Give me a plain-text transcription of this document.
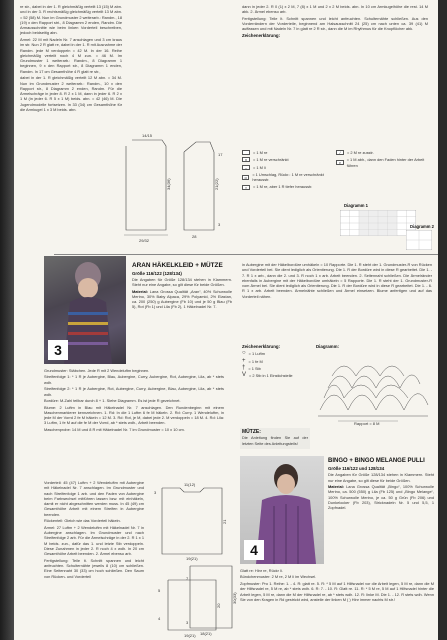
re str., dabei in der 1. R gleichmäßig verteilt 13 (15) M abn. und in der 3. R rechtsmäßig gleichmäßig verteilt 13 M abn. = 52 (58) M. Nun im Grundmuster 2 weiterarb.: Randm., 18 (19) x den Rapport stri., 8 Diagramm 2 enden, Randm. Die Armausschnitte wie beim linken Vorderteil beschreiben, jedoch beidseitig abn.

Ärmel: 22 M mit Nadeln Nr. 7 anschlagen und 3 cm kraus im str. Nun 2 R glatt re, dabei in der 1. R mit Ausnahme der Randm. jede M verdoppeln = 42 M. In der 16. Reihe gleichmäßig verteilt noch 4 M zun. = 46 M. Im Grundmuster 1 weiterarb.: Randm., 8 Diagramm 1 beginnen, 9 x den Rapport str., 8 Diagramm 1 enden, Randm. In 17 cm Gesamthöhe 4 R glatt re str.,

dabei in der 1. R gleichmäßig verteilt 12 M abn. = 34 M. Nun im Grundmuster 2 weiterarb.: Randm., 10 x den Rapport str., 8 Diagramm 2 enden, Randm. Für die Ärmelschräge in jeder 8. R 2 x 1 M, dann in jeder 6. R 2 x 1 M (in jeder 6. R 5 x 1 M) beids. abn. = 42 (46) M. Die Jugendmodelle fortsetzen. In 33 (34) cm Gesamthöhe für die Armkugel 1 x 3 M beids. abn.

29/32
34(36)
14/15
28
21(22)
17
3

dann in jeder 2. R 0 (1) x 2 M, 7 (8) x 1 M und 2 x 2 M beids. abn. In 10 cm Armkugelhöhe die rest. 14 M abk. 2. Ärmel ebenso arb.

Fertigstellung: Teile lt. Schnitt spannen und leicht anfeuchten. Schulternähte schließen. Aus den Vorderrändern der Vorderteile, beginnend am Halsausschnitt 24 (25) cm nach unten ca. 39 (41) M auffassen und mit Nadeln Nr. 7 in glatt re 2 R str., dann die M im Rhythmus für die Knopflöcher abk.

Zeichenerklärung:

= 1 M re
x	= 1 M re verschränkt
–	= 1 M li
o
= 1 Umschlag, Rückr.: 1 M re verschränkt herausstr.
∩	= 1 M re, aber 1 R tiefer herausstr.
/	= 2 M re zusstr.
v
= 1 M abh., dann den Faden hinter der Arbeit führen
Diagramm 1
Diagramm 2
3
ARAN HÄKELKLEID + MÜTZE
Größe 116/122 (128/134)

Die Angaben für Größe 128/134 stehen in Klammern. Steht nur eine Angabe, so gilt diese für beide Größen.

Material: Lana Grossa Qualität „Aran“, 40% Schurwolle Merino, 30% Baby Alpaca, 29% Polyamid, 2% Elastan, ca. 200 (250) g Aubergine (Fb 10) und je 50 g Blau (Fb 5), Rot (Fb 1) und Lila (Fb 2), 1 Häkelnadel Nr. 7.

Grundmuster: Stäbchen. Jede R mit 2 Wendeluftm beginnen.

Streifenfolge 1: * 1 R je Aubergine, Blau, Aubergine, Curry, Aubergine, Rot, Aubergine, Lila, ab * stets wdh.

Streifenfolge 2: * 1 R je Aubergine, Rot, Aubergine, Curry, Aubergine, Blau, Aubergine, Lila, ab * stets wdh.

Bordüre: M-Zahl teilbar durch 8 + 1. Siehe Diagramm. Es ist jede R gezeichnet.

Blume: 2 Luftm in Blau mit Häkelnadel Nr. 7 anschlagen. Den Rundenbeginn mit einem Maschenmarkierer kennzeichnen. 1. Rd: In die 1 Luftm 6 fe M häkeln. 2. Rd: Curry. 1 Wendeluftm, in jede M der Vorrd 2 fe M häkeln = 12 M. 3. Rd: Rot, je M, dabei jede 2. M verdoppeln = 18 M. 4. Rd: Lila: 3 Luftm, 1 fe M auf die fe M der Vorrd, ab * stets wdh., Arbeit beenden.

Maschenprobe: 14 M und 8 R mit Häkelnadel Nr. 7 im Grundmuster = 10 x 10 cm.

Vorderteil: 45 (47) Luftm + 2 Wendeluftm mit Aubergine mit Häkelnadel Nr. 7 anschlagen. Im Grundmuster und nach Streifenfolge 1 arb. und den Faden von Aubergine beim Farbwechsel mitführen lassen bzw. mit einhäkeln, damit er nicht abgeschnitten werden muss. In 45 (49) cm Gesamthöhe Arbeit mit einem Streifen in Aubergine beenden.

Rückenteil: Gleich wie das Vorderteil häkeln.

Ärmel: 27 Luftm + 2 Wendeluftm mit Häkelnadel Nr. 7 in Aubergine anschlagen. Im Grundmuster und nach Streifenfolge 2 arb. Für die Ärmelschräge in der 2. R 1 x 1 M beids. zun., dafür das 1. und letzte Stb verdoppeln. Diese Zunahmen in jeder 2. R noch 4 x wdh. In 20 cm Gesamthöhe Arbeit beenden. 2. Ärmel ebenso arb.

Fertigstellung: Teile lt. Schnitt spannen und leicht anfeuchten. Schulternähte jeweils 8 (10) cm schließen. Eine Seitennaht 30 (33) cm hoch schließen. Den Saum von Rücken- und Vorderteil

19(21)
21
11(12)
3
20
5
4
19(21)

in Aubergine mit der Häkelbordüre umhäkeln = 10 Rapporte. Die 1. R steht der 1. Grundmuster-R von Rücken und Vorderteil bei. Sie dient lediglich als Orientierung. Die 1. R der Bordüre wird in diese R gearbeitet. Die 1. - 7. R 1 x arb., dann die 2. und 3. R noch 1 x arb. Arbeit beenden. 2. Seitennaht schließen. Die Ärmelränder ebenfalls in Aubergine mit der Häkelbordüre umhäkeln = 5 Rapporte. Die 1. R steht der 1. Grundmuster-R vom Ärmel bei. Sie dient lediglich als Orientierung. Die 1. R der Bordüre wird in diese R gearbeitet. Die 1. - 6. R 1 x arb. Arbeit beenden. Ärmelnähte schließen und Ärmel einsetzen. Blume anfertigen und auf das Vorderteil nähen.

Zeichenerklärung:
○ = 1 Luftm
+ = 1 fe M
† = 1 Stb
V = 2 Stb in 1 Einstichstelle
Diagramm:
Rapport = 8 M
MÜTZE:

Die Anleitung finden Sie auf der letzten Seite des Anleitungsteils!

4
BINGO + BINGO MELANGE PULLI
Größe 116/122 und 128/134

Die Angaben für Größe 128/134 stehen in Klammern. Steht nur eine Angabe, so gilt diese für beide Größen.

Material: Lana Grossa Qualität „Bingo“, 100% Schurwolle Merino, ca. 500 (550) g Lila (Fb 125) und „Bingo Melange“, 100% Schurwolle Merino, je ca. 50 g Grün (Fb 206) und Dunkelocker (Fb 203), Stricknadeln Nr. 5 und 5,5, 1 Zopfnadel.

Glatt re: Hinr re, Rückr li.

Bündchenmuster: 2 M re, 2 M li im Wechsel.

Zopfmuster: Pro 1. Reihe: 1. - 4. R: glatt re. 5. R: * 5 M auf 1 Hilfsnadel vor die Arbeit legen, 5 M re, dann die M der Hilfsnadel re, 5 M re, ab * stets wdh. 6. R: 7. - 10. R: Glatt re. 11. R: * 5 M re, 5 M auf 1 Hilfsnadel hinter die Arbeit legen, 5 M re, dann die M der Hilfsnadel re, ab * stets wdh. 12. R: linke M. Die 1. - 12. R stets wdh. Wenn Sie von den Kragen in Rd gestrickt wird, anstelle der linken M ( ) Hinr immer nachts M str.!

18(21)
7
30(33)
3
